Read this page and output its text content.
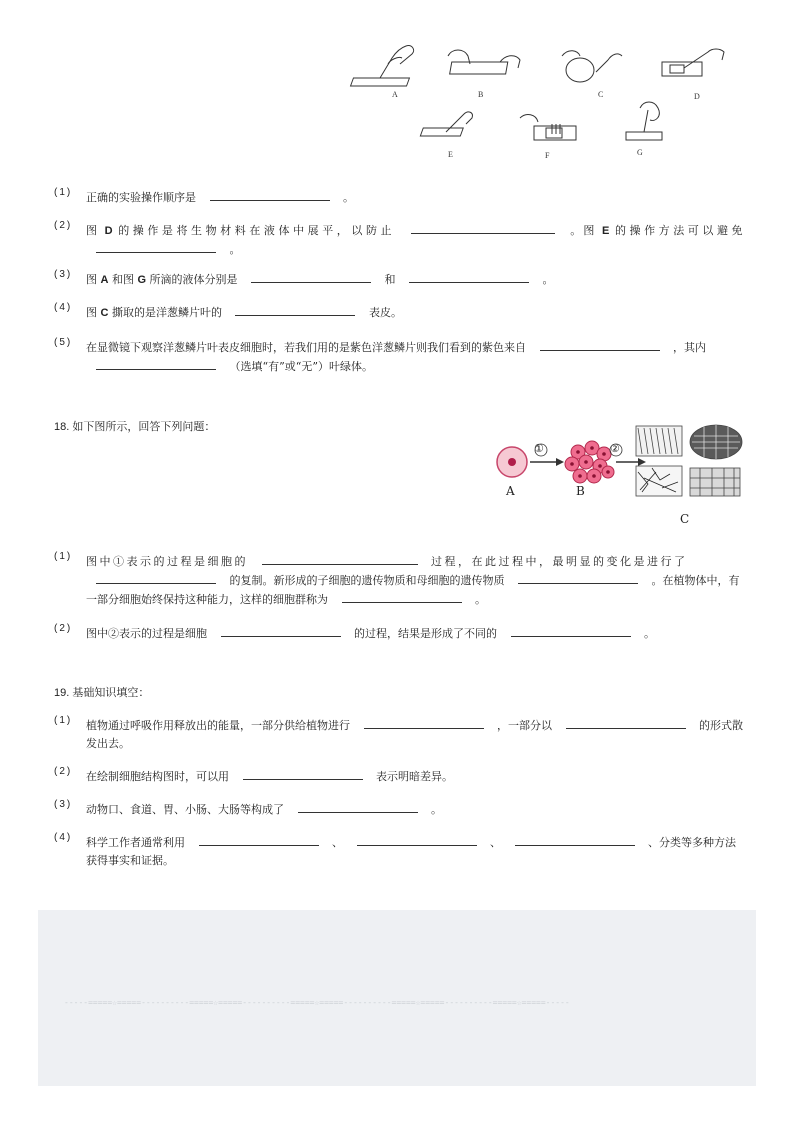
A	B	C	D
E	F	G
(1) 正确的实验操作顺序是	。
(2) 图 D 的操作是将生物材料在液体中展平，以防止	。图 E 的操作方法可以避免  。
(3) 图 A 和图 G 所滴的液体分别是	和	。
(4) 图 C 撕取的是洋葱鳞片叶的	表皮。
(5) 在显微镜下观察洋葱鳞片叶表皮细胞时，若我们用的是紫色洋葱鳞片则我们看到的紫色来自	，其内  （选填“有”或“无”）叶绿体。
18. 如下图所示，回答下列问题：
A	B
C
①	②
(1) 图中①表示的过程是细胞的	过程，在此过程中，最明显的变化是进行了  的复制。新形成的子细胞的遗传物质和母细胞的遗传物质	。在植物体中，有一部分细胞始终保持这种能力，这样的细胞群称为	。
(2) 图中②表示的过程是细胞	的过程，结果是形成了不同的	。
19. 基础知识填空：
(1) 植物通过呼吸作用释放出的能量，一部分供给植物进行	，一部分以	的形式散发出去。
(2) 在绘制细胞结构图时，可以用	表示明暗差异。
(3) 动物口、食道、胃、小肠、大肠等构成了	。
(4) 科学工作者通常利用	、	、	、分类等多种方法获得事实和证据。
-----=====☆=====----------=====☆=====----------=====☆=====----------=====☆=====----------=====☆=====-----
